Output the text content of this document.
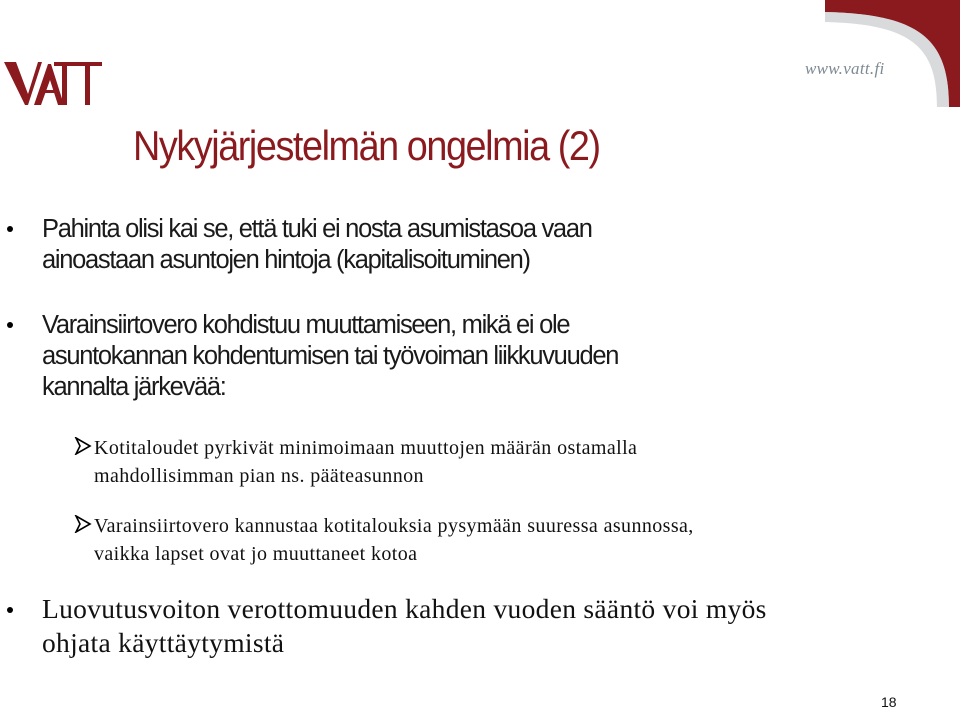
www.vatt.fi
Nykyjärjestelmän ongelmia (2)
Pahinta olisi kai se, että tuki ei nosta asumistasoa vaan
ainoastaan asuntojen hintoja (kapitalisoituminen)
Varainsiirtovero kohdistuu muuttamiseen, mikä ei ole
asuntokannan kohdentumisen tai työvoiman liikkuvuuden
kannalta järkevää:
Kotitaloudet pyrkivät minimoimaan muuttojen määrän ostamalla
mahdollisimman pian ns. pääteasunnon
Varainsiirtovero kannustaa kotitalouksia pysymään suuressa asunnossa,
vaikka lapset ovat jo muuttaneet kotoa
Luovutusvoiton verottomuuden kahden vuoden sääntö voi myös
ohjata käyttäytymistä
18
